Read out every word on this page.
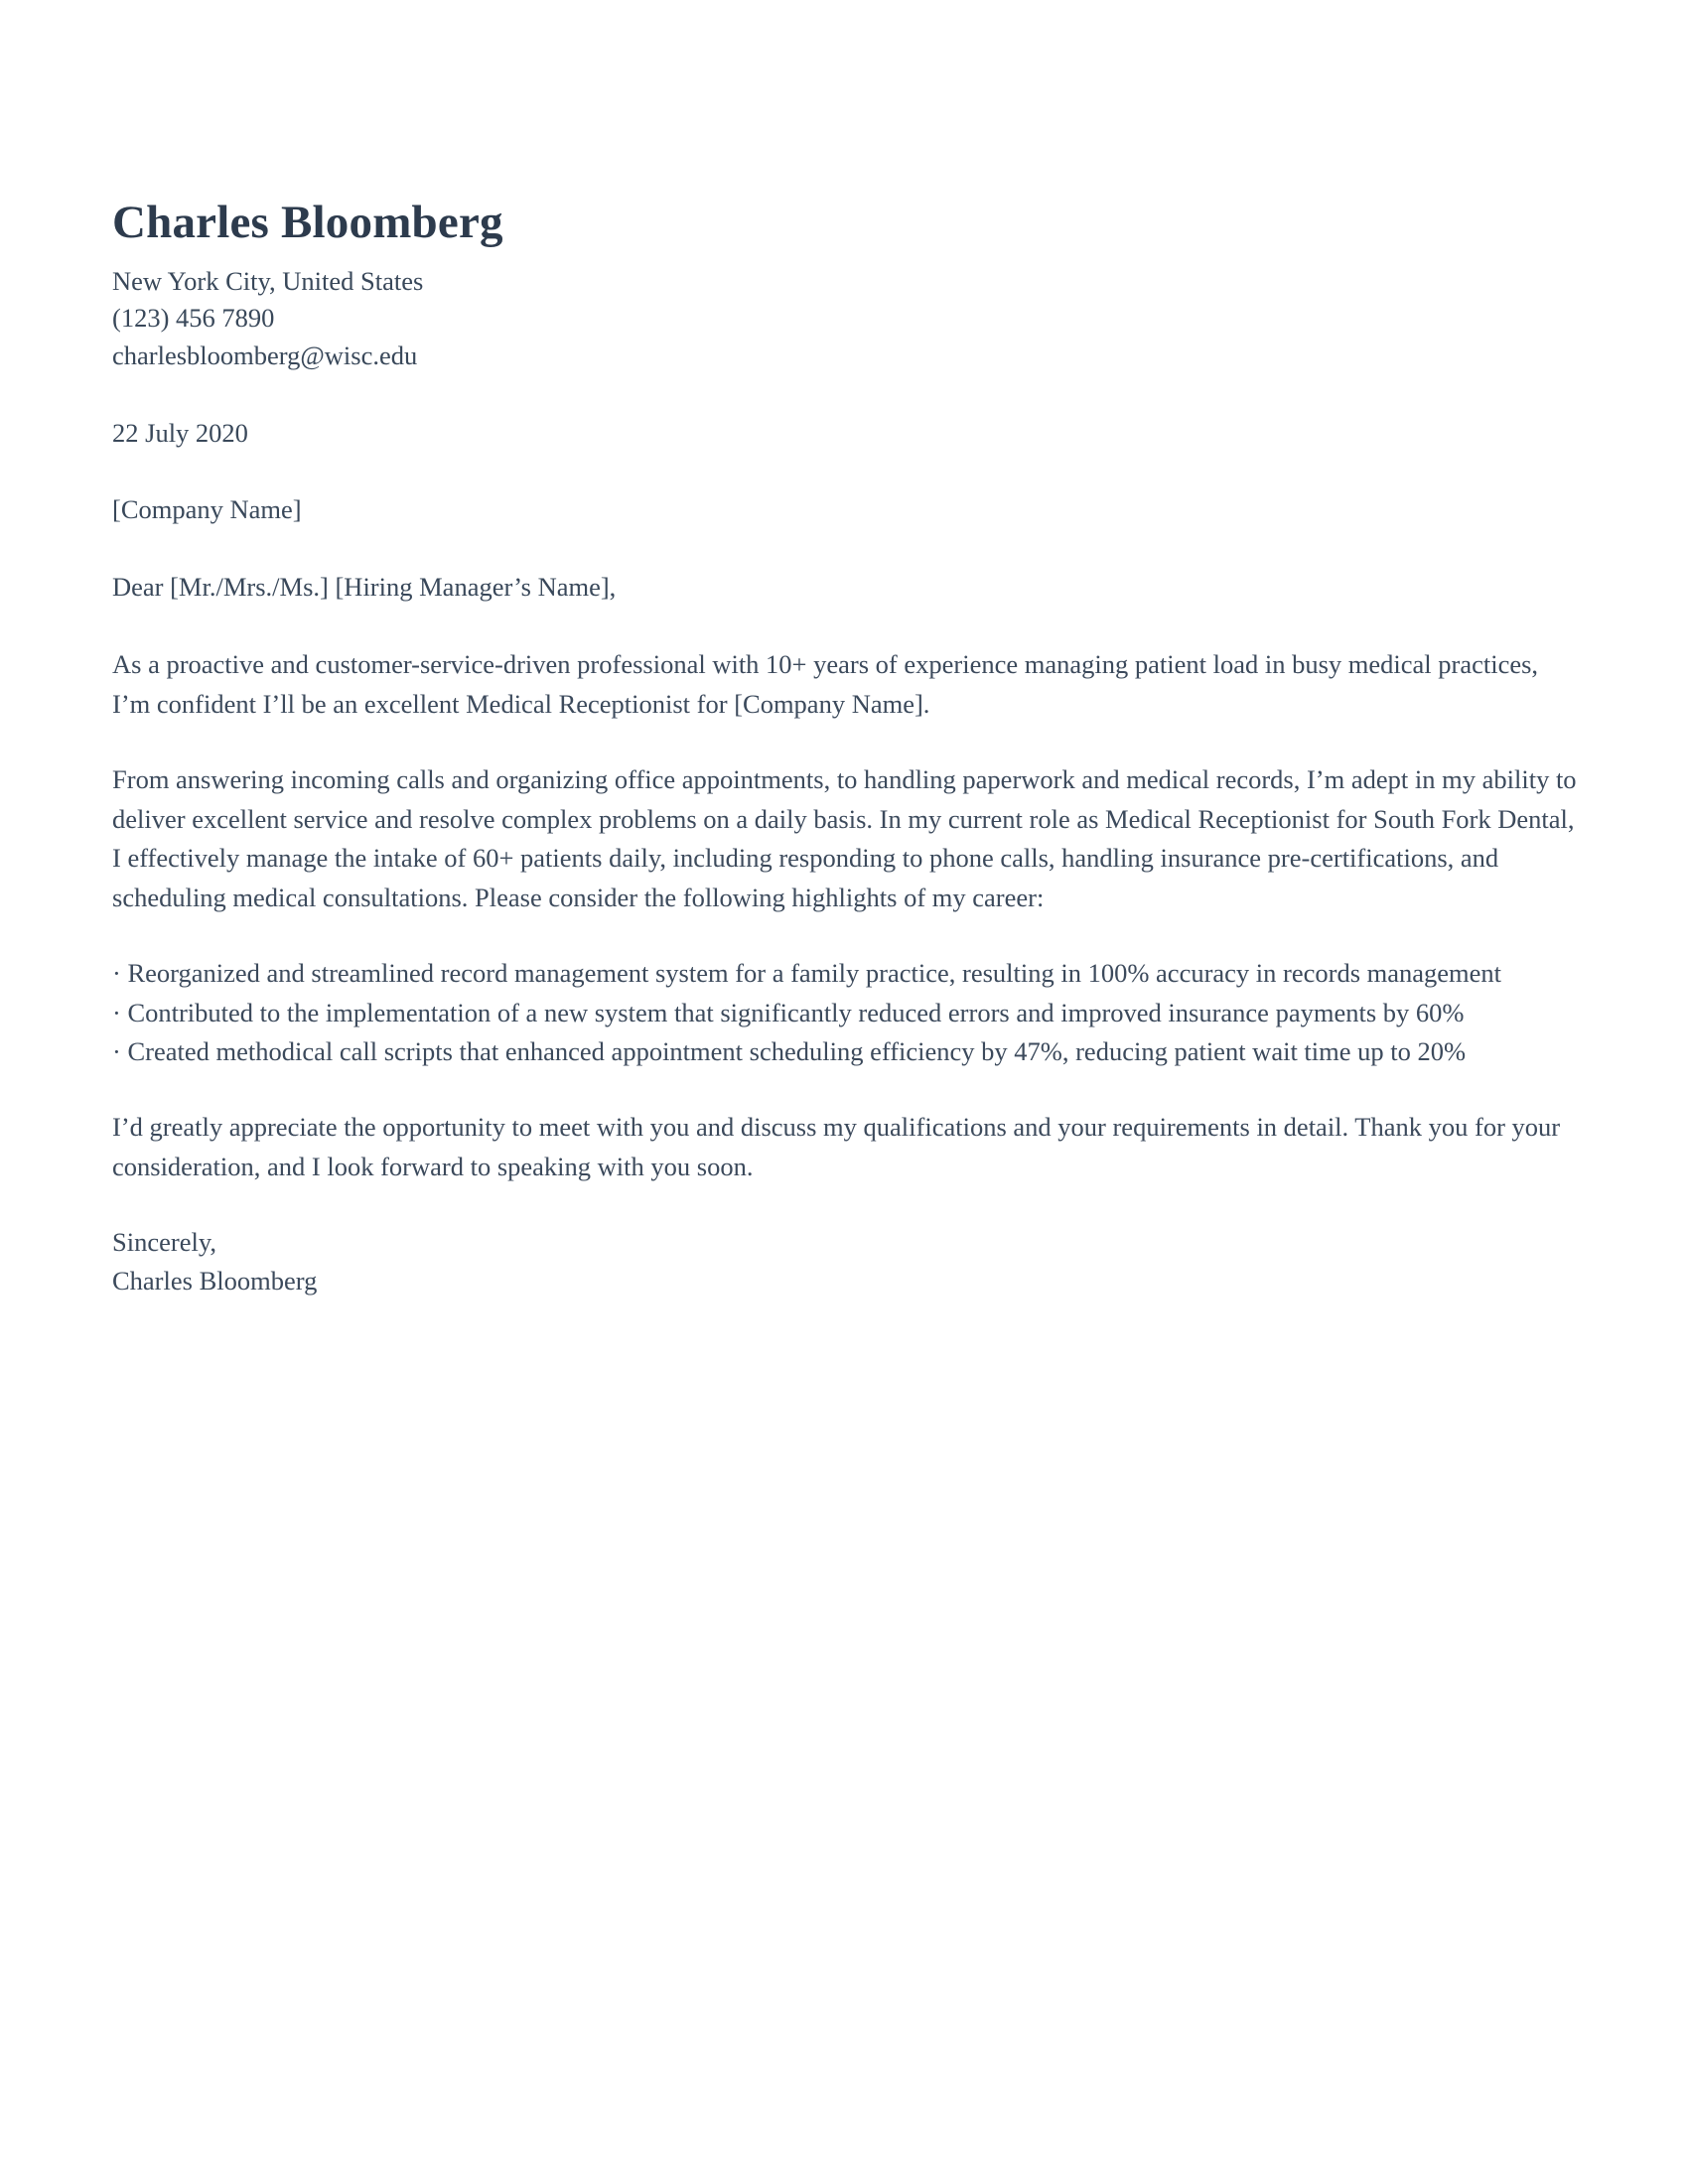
Charles Bloomberg

New York City, United States

(123) 456 7890

charlesbloomberg@wisc.edu

22 July 2020

[Company Name]

Dear [Mr./Mrs./Ms.] [Hiring Manager’s Name],

As a proactive and customer-service-driven professional with 10+ years of experience managing patient load in busy medical practices, I’m confident I’ll be an excellent Medical Receptionist for [Company Name].

From answering incoming calls and organizing office appointments, to handling paperwork and medical records, I’m adept in my ability to deliver excellent service and resolve complex problems on a daily basis. In my current role as Medical Receptionist for South Fork Dental, I effectively manage the intake of 60+ patients daily, including responding to phone calls, handling insurance pre-certifications, and scheduling medical consultations. Please consider the following highlights of my career:

· Reorganized and streamlined record management system for a family practice, resulting in 100% accuracy in records management

· Contributed to the implementation of a new system that significantly reduced errors and improved insurance payments by 60%

· Created methodical call scripts that enhanced appointment scheduling efficiency by 47%, reducing patient wait time up to 20%

I’d greatly appreciate the opportunity to meet with you and discuss my qualifications and your requirements in detail. Thank you for your consideration, and I look forward to speaking with you soon.

Sincerely,

Charles Bloomberg
